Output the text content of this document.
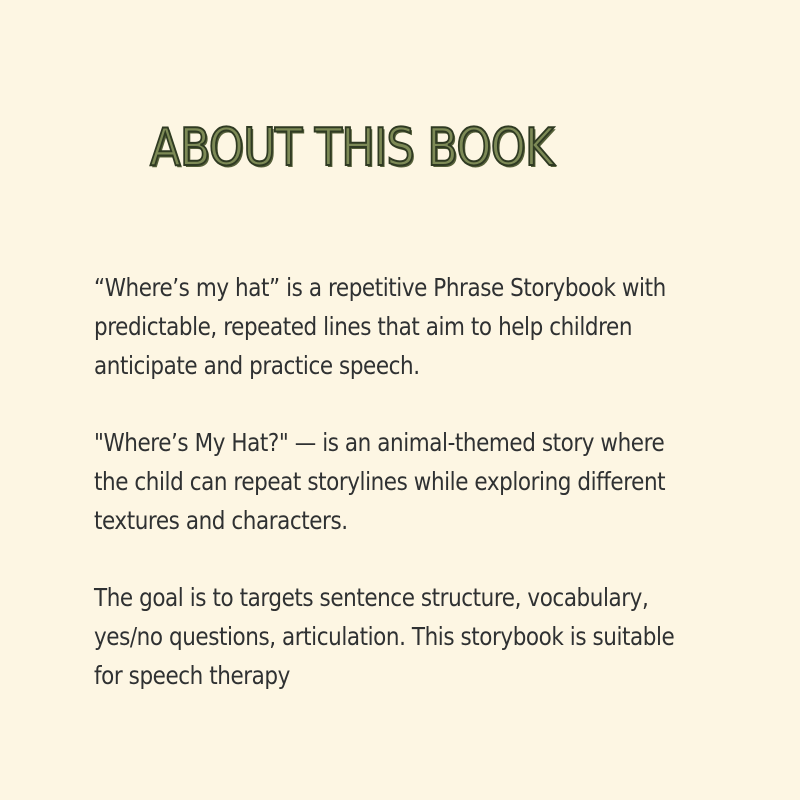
ABOUT THIS BOOK

“Where’s my hat” is a repetitive Phrase Storybook with predictable, repeated lines that aim to help children anticipate and practice speech.

"Where’s My Hat?" — is an animal-themed story where the child can repeat storylines while exploring different textures and characters.

The goal is to targets sentence structure, vocabulary, yes/no questions, articulation. This storybook is suitable for speech therapy
